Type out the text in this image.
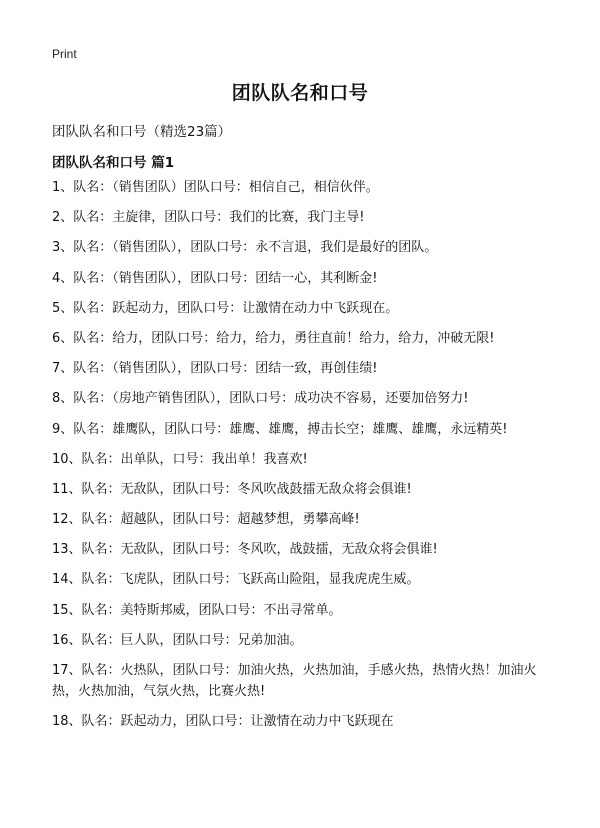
Print
团队队名和口号
团队队名和口号（精选23篇）
团队队名和口号 篇1
1、队名：（销售团队）团队口号：相信自己，相信伙伴。
2、队名：主旋律，团队口号：我们的比赛，我门主导!
3、队名：（销售团队），团队口号：永不言退，我们是最好的团队。
4、队名：（销售团队），团队口号：团结一心，其利断金!
5、队名：跃起动力，团队口号：让激情在动力中飞跃现在。
6、队名：给力，团队口号：给力，给力，勇往直前！给力，给力，冲破无限!
7、队名：（销售团队），团队口号：团结一致，再创佳绩!
8、队名：（房地产销售团队），团队口号：成功决不容易，还要加倍努力!
9、队名：雄鹰队，团队口号：雄鹰、雄鹰，搏击长空；雄鹰、雄鹰，永远精英!
10、队名：出单队，口号：我出单！我喜欢!
11、队名：无敌队，团队口号：冬风吹战鼓擂无敌众将会俱谁!
12、队名：超越队，团队口号：超越梦想，勇攀高峰!
13、队名：无敌队，团队口号：冬风吹，战鼓擂，无敌众将会俱谁!
14、队名：飞虎队，团队口号：飞跃高山险阻，显我虎虎生威。
15、队名：美特斯邦威，团队口号：不出寻常单。
16、队名：巨人队，团队口号：兄弟加油。
17、队名：火热队，团队口号：加油火热，火热加油，手感火热，热情火热！加油火热，火热加油，气氛火热，比赛火热!
18、队名：跃起动力，团队口号：让激情在动力中飞跃现在
